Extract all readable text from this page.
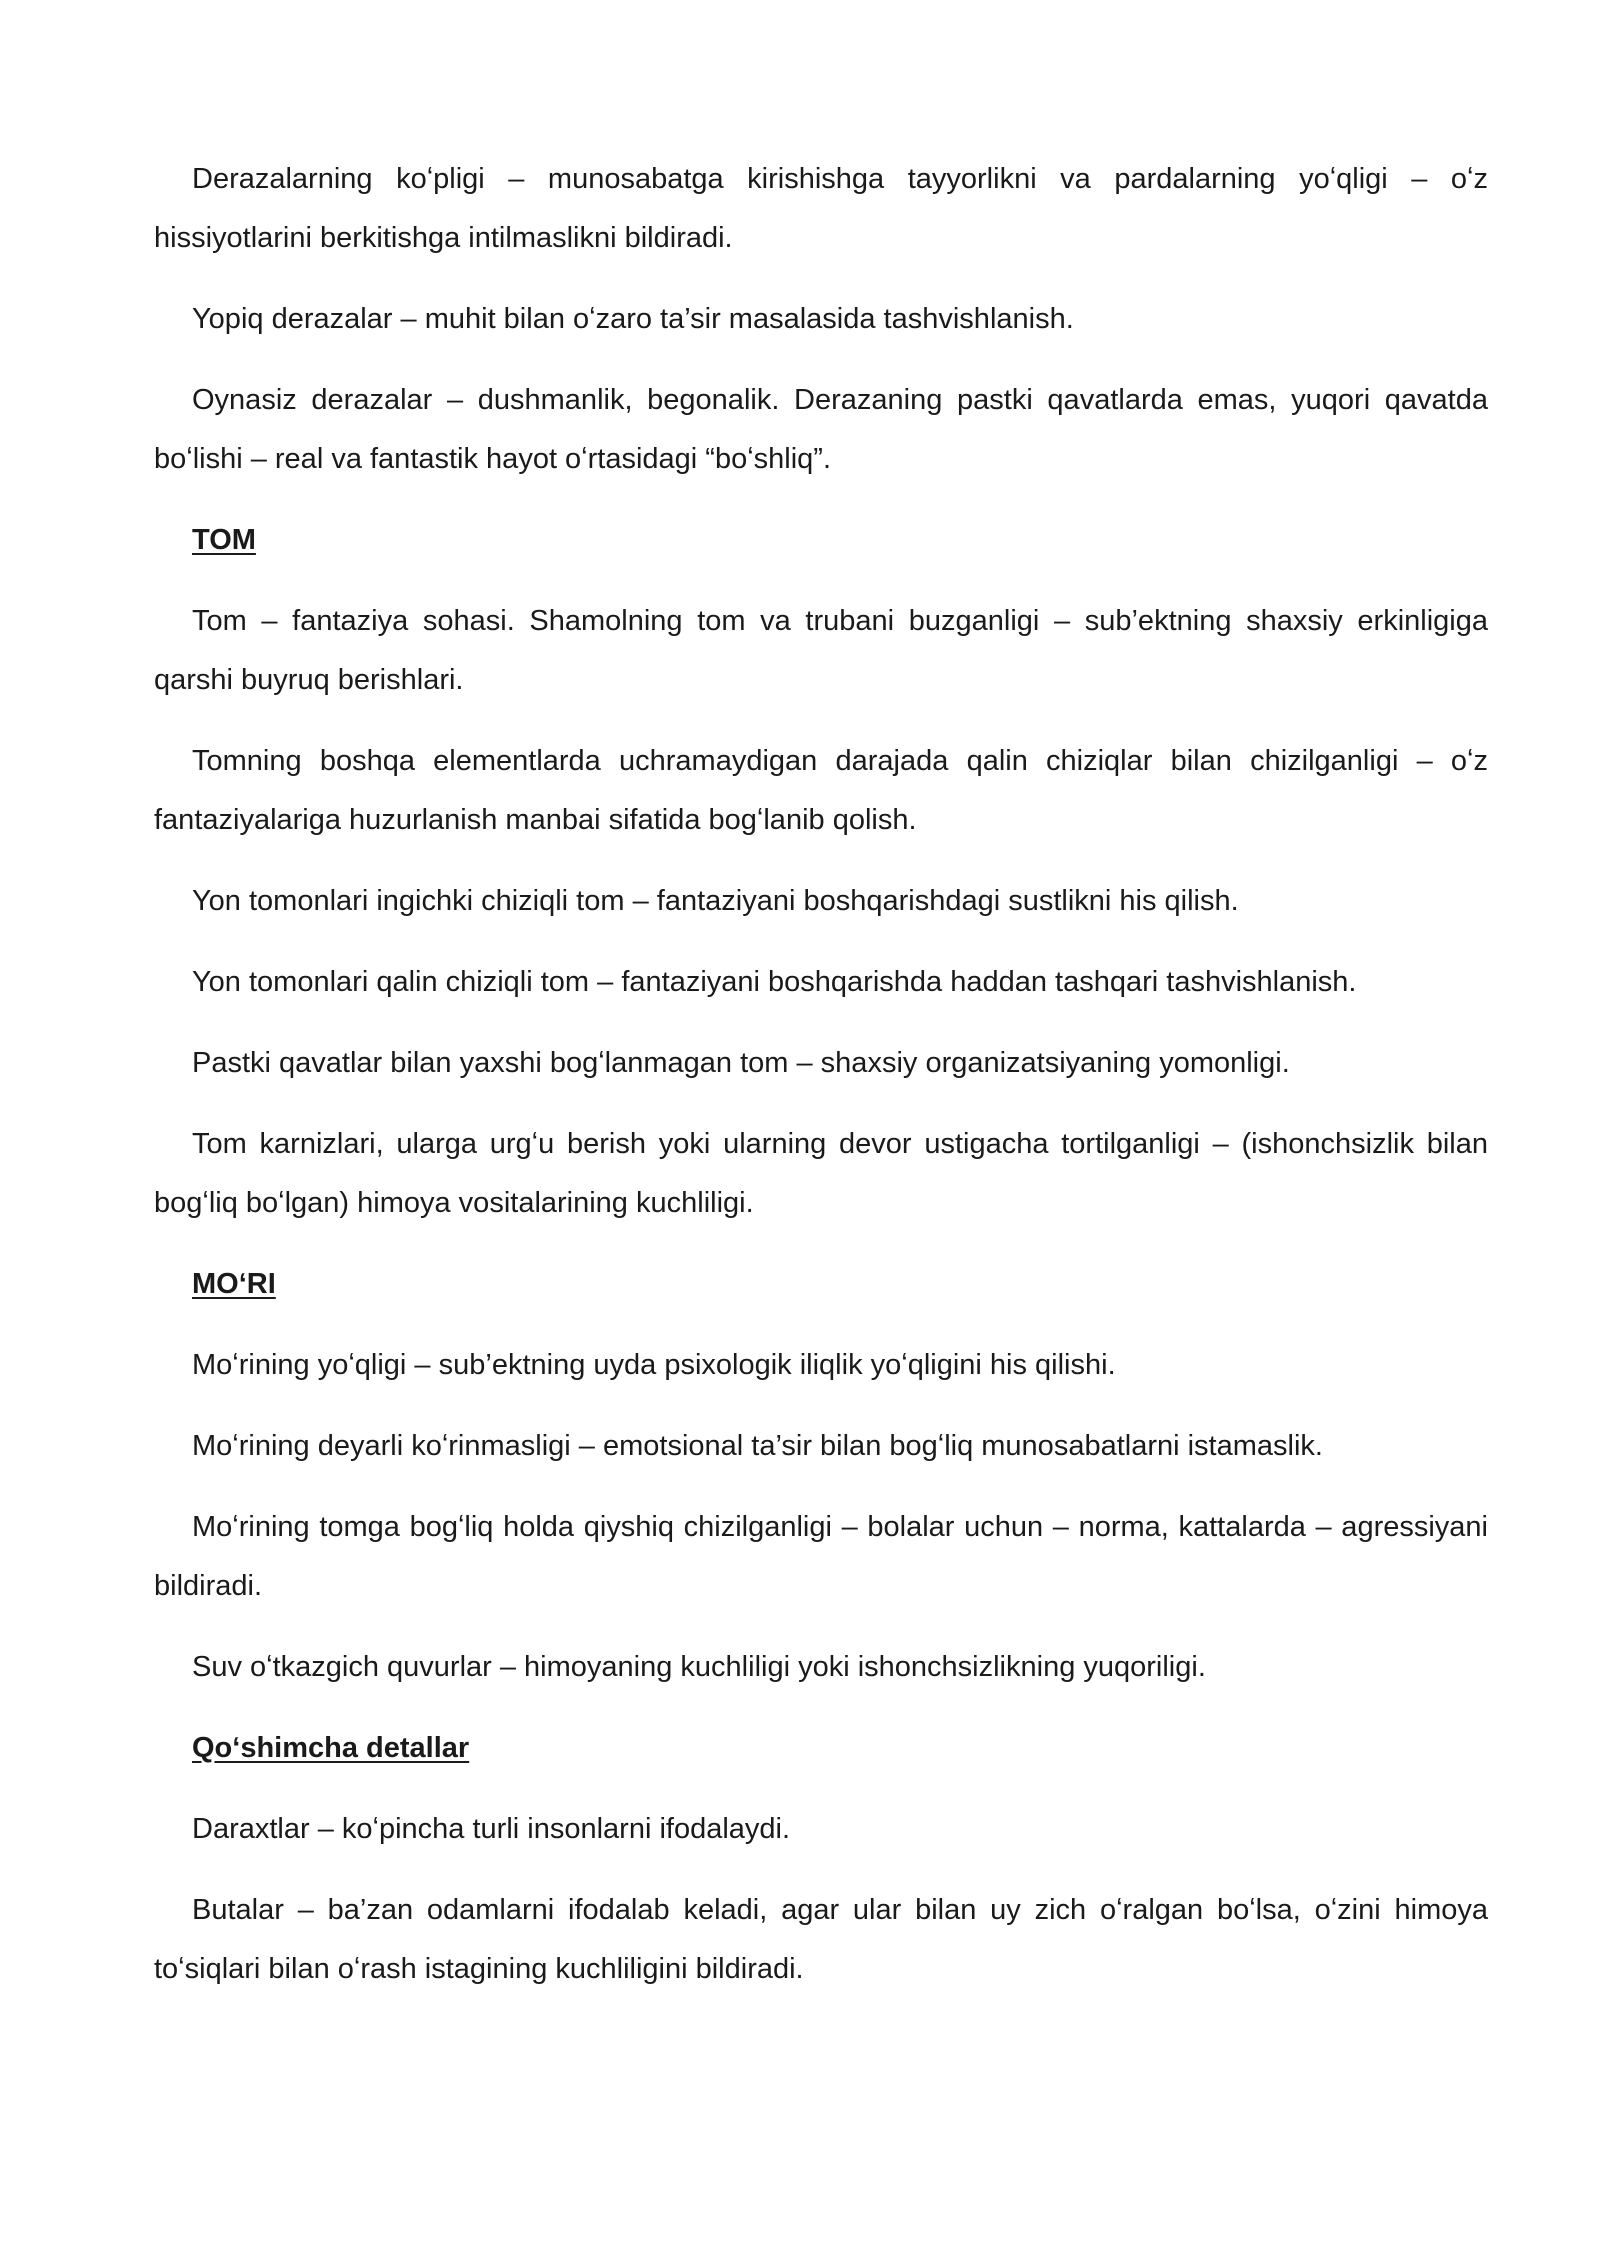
Derazalarning koʻpligi – munosabatga kirishishga tayyorlikni va pardalarning yoʻqligi – oʻz hissiyotlarini berkitishga intilmaslikni bildiradi.

Yopiq derazalar – muhit bilan oʻzaro ta’sir masalasida tashvishlanish.

Oynasiz derazalar – dushmanlik, begonalik. Derazaning pastki qavatlarda emas, yuqori qavatda boʻlishi – real va fantastik hayot oʻrtasidagi “boʻshliq”.

TOM

Tom – fantaziya sohasi. Shamolning tom va trubani buzganligi – sub’ektning shaxsiy erkinligiga qarshi buyruq berishlari.

Tomning boshqa elementlarda uchramaydigan darajada qalin chiziqlar bilan chizilganligi – oʻz fantaziyalariga huzurlanish manbai sifatida bogʻlanib qolish.

Yon tomonlari ingichki chiziqli tom – fantaziyani boshqarishdagi sustlikni his qilish.

Yon tomonlari qalin chiziqli tom – fantaziyani boshqarishda haddan tashqari tashvishlanish.

Pastki qavatlar bilan yaxshi bogʻlanmagan tom – shaxsiy organizatsiyaning yomonligi.

Tom karnizlari, ularga urgʻu berish yoki ularning devor ustigacha tortilganligi – (ishonchsizlik bilan bogʻliq boʻlgan) himoya vositalarining kuchliligi.

MOʻRI

Moʻrining yoʻqligi – sub’ektning uyda psixologik iliqlik yoʻqligini his qilishi.

Moʻrining deyarli koʻrinmasligi – emotsional ta’sir bilan bogʻliq munosabatlarni istamaslik.

Moʻrining tomga bogʻliq holda qiyshiq chizilganligi – bolalar uchun – norma, kattalarda – agressiyani bildiradi.

Suv oʻtkazgich quvurlar – himoyaning kuchliligi yoki ishonchsizlikning yuqoriligi.

Qoʻshimcha detallar

Daraxtlar – koʻpincha turli insonlarni ifodalaydi.

Butalar – ba’zan odamlarni ifodalab keladi, agar ular bilan uy zich oʻralgan boʻlsa, oʻzini himoya toʻsiqlari bilan oʻrash istagining kuchliligini bildiradi.
